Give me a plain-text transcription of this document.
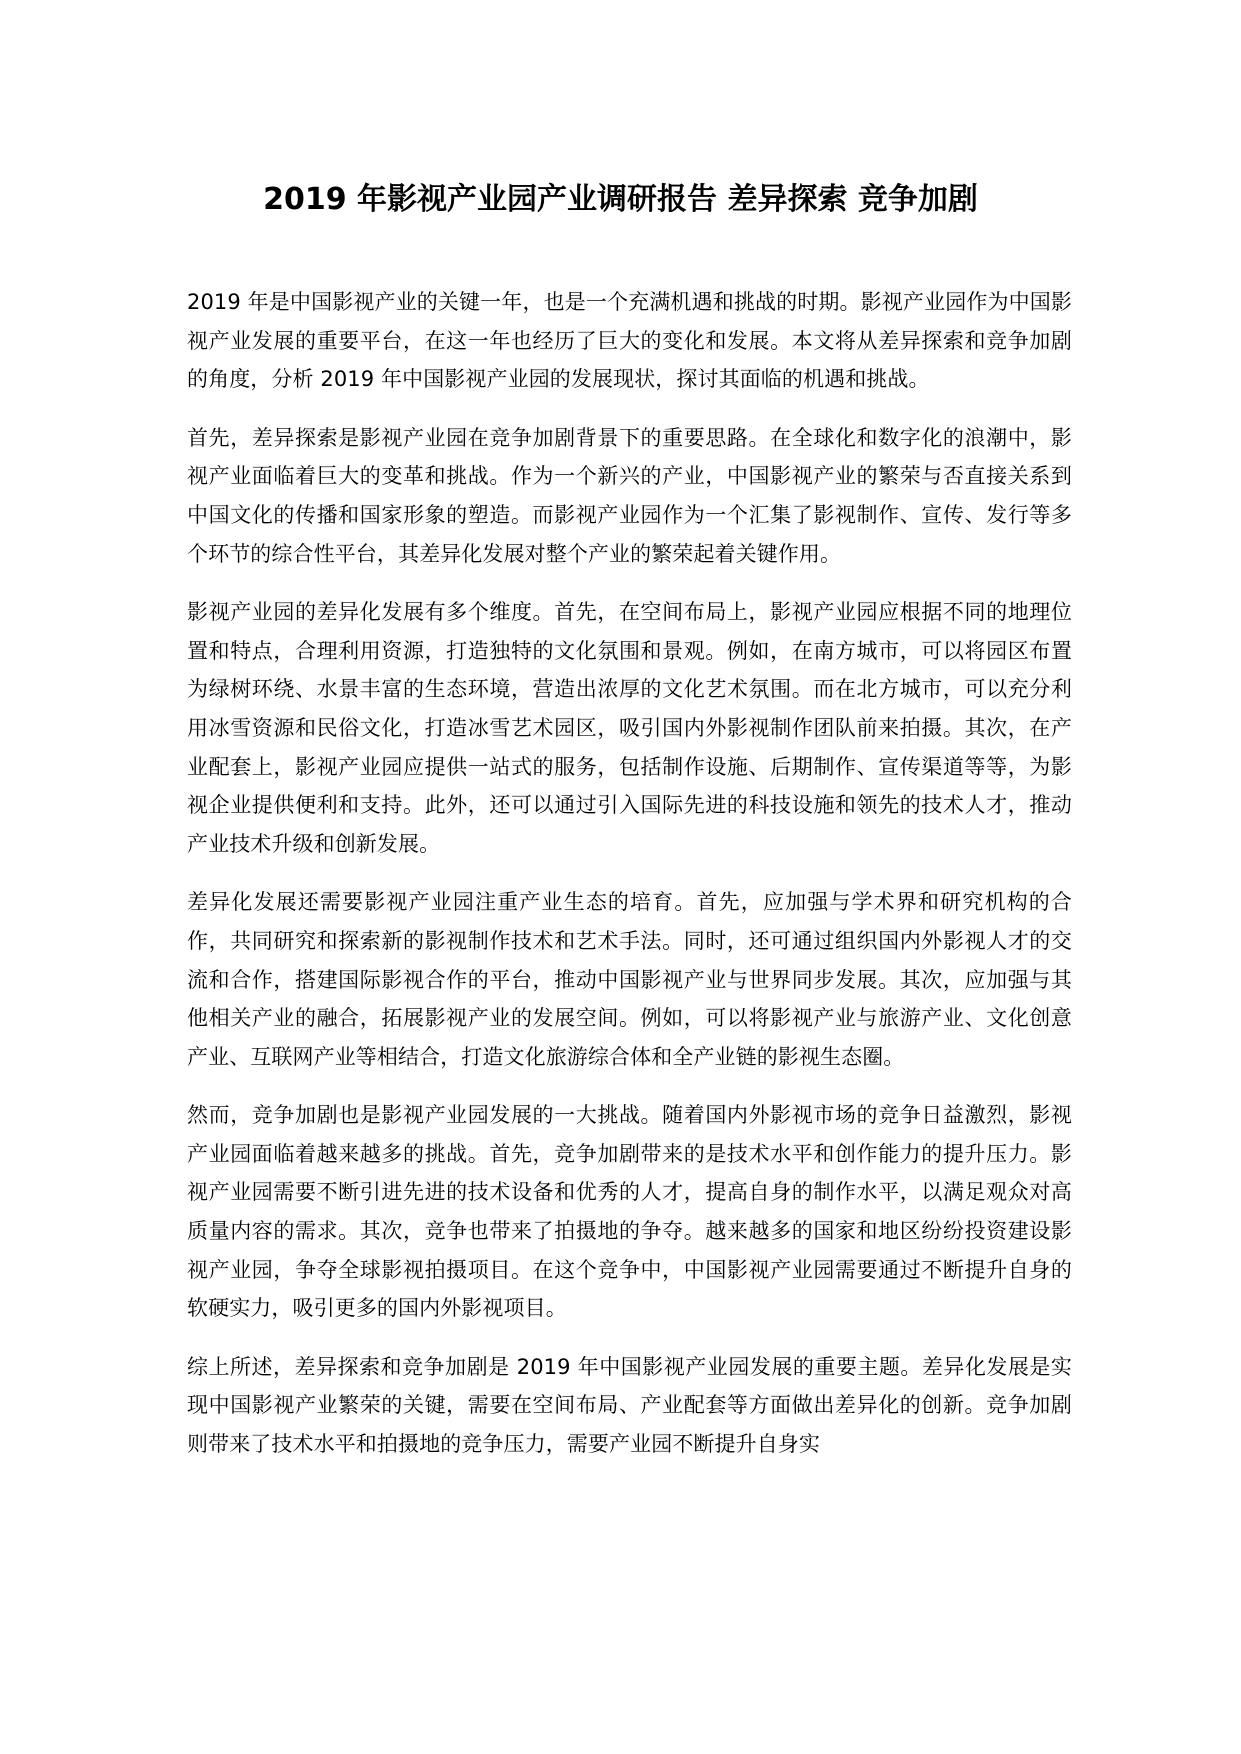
2019 年影视产业园产业调研报告 差异探索 竞争加剧

2019 年是中国影视产业的关键一年，也是一个充满机遇和挑战的时期。影视产业园作为中国影视产业发展的重要平台，在这一年也经历了巨大的变化和发展。本文将从差异探索和竞争加剧的角度，分析 2019 年中国影视产业园的发展现状，探讨其面临的机遇和挑战。

首先，差异探索是影视产业园在竞争加剧背景下的重要思路。在全球化和数字化的浪潮中，影视产业面临着巨大的变革和挑战。作为一个新兴的产业，中国影视产业的繁荣与否直接关系到中国文化的传播和国家形象的塑造。而影视产业园作为一个汇集了影视制作、宣传、发行等多个环节的综合性平台，其差异化发展对整个产业的繁荣起着关键作用。

影视产业园的差异化发展有多个维度。首先，在空间布局上，影视产业园应根据不同的地理位置和特点，合理利用资源，打造独特的文化氛围和景观。例如，在南方城市，可以将园区布置为绿树环绕、水景丰富的生态环境，营造出浓厚的文化艺术氛围。而在北方城市，可以充分利用冰雪资源和民俗文化，打造冰雪艺术园区，吸引国内外影视制作团队前来拍摄。其次，在产业配套上，影视产业园应提供一站式的服务，包括制作设施、后期制作、宣传渠道等等，为影视企业提供便利和支持。此外，还可以通过引入国际先进的科技设施和领先的技术人才，推动产业技术升级和创新发展。

差异化发展还需要影视产业园注重产业生态的培育。首先，应加强与学术界和研究机构的合作，共同研究和探索新的影视制作技术和艺术手法。同时，还可通过组织国内外影视人才的交流和合作，搭建国际影视合作的平台，推动中国影视产业与世界同步发展。其次，应加强与其他相关产业的融合，拓展影视产业的发展空间。例如，可以将影视产业与旅游产业、文化创意产业、互联网产业等相结合，打造文化旅游综合体和全产业链的影视生态圈。

然而，竞争加剧也是影视产业园发展的一大挑战。随着国内外影视市场的竞争日益激烈，影视产业园面临着越来越多的挑战。首先，竞争加剧带来的是技术水平和创作能力的提升压力。影视产业园需要不断引进先进的技术设备和优秀的人才，提高自身的制作水平，以满足观众对高质量内容的需求。其次，竞争也带来了拍摄地的争夺。越来越多的国家和地区纷纷投资建设影视产业园，争夺全球影视拍摄项目。在这个竞争中，中国影视产业园需要通过不断提升自身的软硬实力，吸引更多的国内外影视项目。

综上所述，差异探索和竞争加剧是 2019 年中国影视产业园发展的重要主题。差异化发展是实现中国影视产业繁荣的关键，需要在空间布局、产业配套等方面做出差异化的创新。竞争加剧则带来了技术水平和拍摄地的竞争压力，需要产业园不断提升自身实
